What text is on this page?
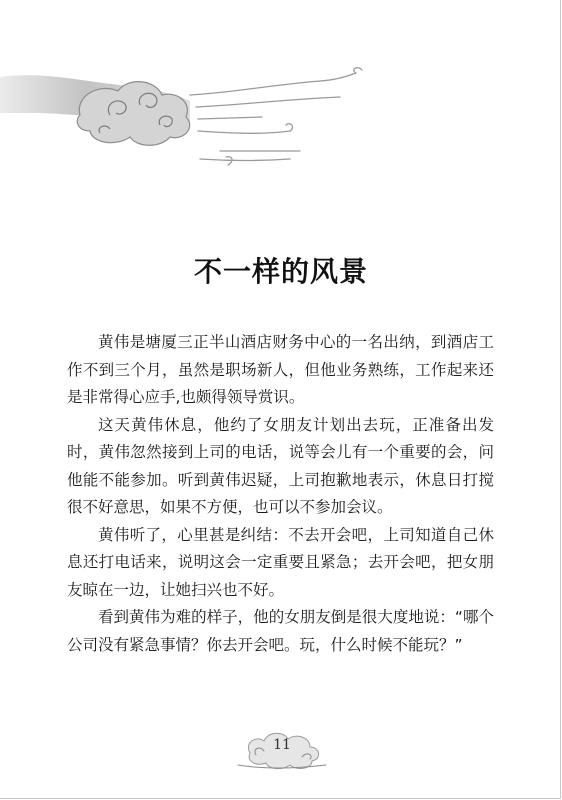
不一样的风景

黄伟是塘厦三正半山酒店财务中心的一名出纳，到酒店工作不到三个月，虽然是职场新人，但他业务熟练，工作起来还是非常得心应手,也颇得领导赏识。

这天黄伟休息，他约了女朋友计划出去玩，正准备出发时，黄伟忽然接到上司的电话，说等会儿有一个重要的会，问他能不能参加。听到黄伟迟疑，上司抱歉地表示，休息日打搅很不好意思，如果不方便，也可以不参加会议。

黄伟听了，心里甚是纠结：不去开会吧，上司知道自己休息还打电话来，说明这会一定重要且紧急；去开会吧，把女朋友晾在一边，让她扫兴也不好。

看到黄伟为难的样子，他的女朋友倒是很大度地说：“哪个公司没有紧急事情？你去开会吧。玩，什么时候不能玩？”

11
